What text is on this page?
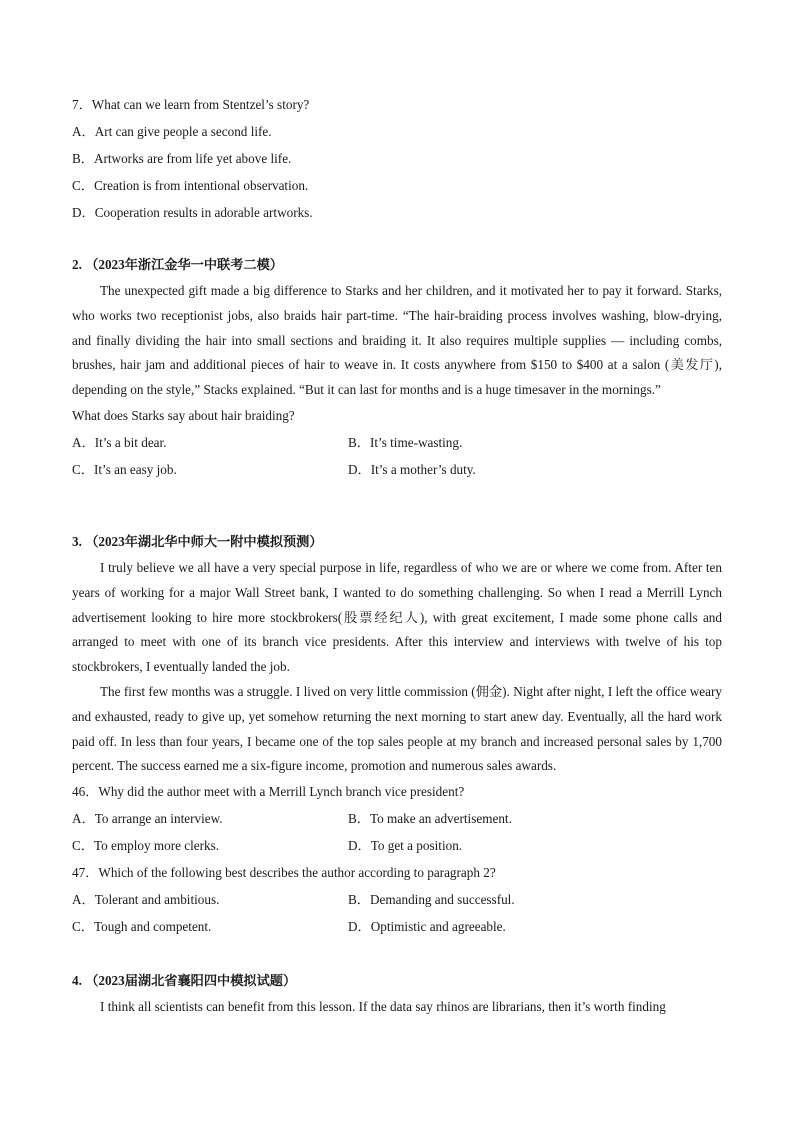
7．What can we learn from Stentzel’s story?
A．Art can give people a second life.
B．Artworks are from life yet above life.
C．Creation is from intentional observation.
D．Cooperation results in adorable artworks.
2. （2023年浙江金华一中联考二模）

The unexpected gift made a big difference to Starks and her children, and it motivated her to pay it forward. Starks, who works two receptionist jobs, also braids hair part-time. “The hair-braiding process involves washing, blow-drying, and finally dividing the hair into small sections and braiding it. It also requires multiple supplies — including combs, brushes, hair jam and additional pieces of hair to weave in. It costs anywhere from $150 to $400 at a salon (美发厅), depending on the style,” Stacks explained. “But it can last for months and is a huge timesaver in the mornings.”

What does Starks say about hair braiding?
A．It’s a bit dear.	B．It’s time-wasting.
C．It’s an easy job.	D．It’s a mother’s duty.
3. （2023年湖北华中师大一附中模拟预测）

I truly believe we all have a very special purpose in life, regardless of who we are or where we come from. After ten years of working for a major Wall Street bank, I wanted to do something challenging. So when I read a Merrill Lynch advertisement looking to hire more stockbrokers(股票经纪人), with great excitement, I made some phone calls and arranged to meet with one of its branch vice presidents. After this interview and interviews with twelve of his top stockbrokers, I eventually landed the job.

The first few months was a struggle. I lived on very little commission (佣金). Night after night, I left the office weary and exhausted, ready to give up, yet somehow returning the next morning to start anew day. Eventually, all the hard work paid off. In less than four years, I became one of the top sales people at my branch and increased personal sales by 1,700 percent. The success earned me a six-figure income, promotion and numerous sales awards.

46．Why did the author meet with a Merrill Lynch branch vice president?
A．To arrange an interview.	B．To make an advertisement.
C．To employ more clerks.	D．To get a position.
47．Which of the following best describes the author according to paragraph 2?
A．Tolerant and ambitious.	B．Demanding and successful.
C．Tough and competent.	D．Optimistic and agreeable.
4. （2023届湖北省襄阳四中模拟试题）

I think all scientists can benefit from this lesson. If the data say rhinos are librarians, then it’s worth finding
